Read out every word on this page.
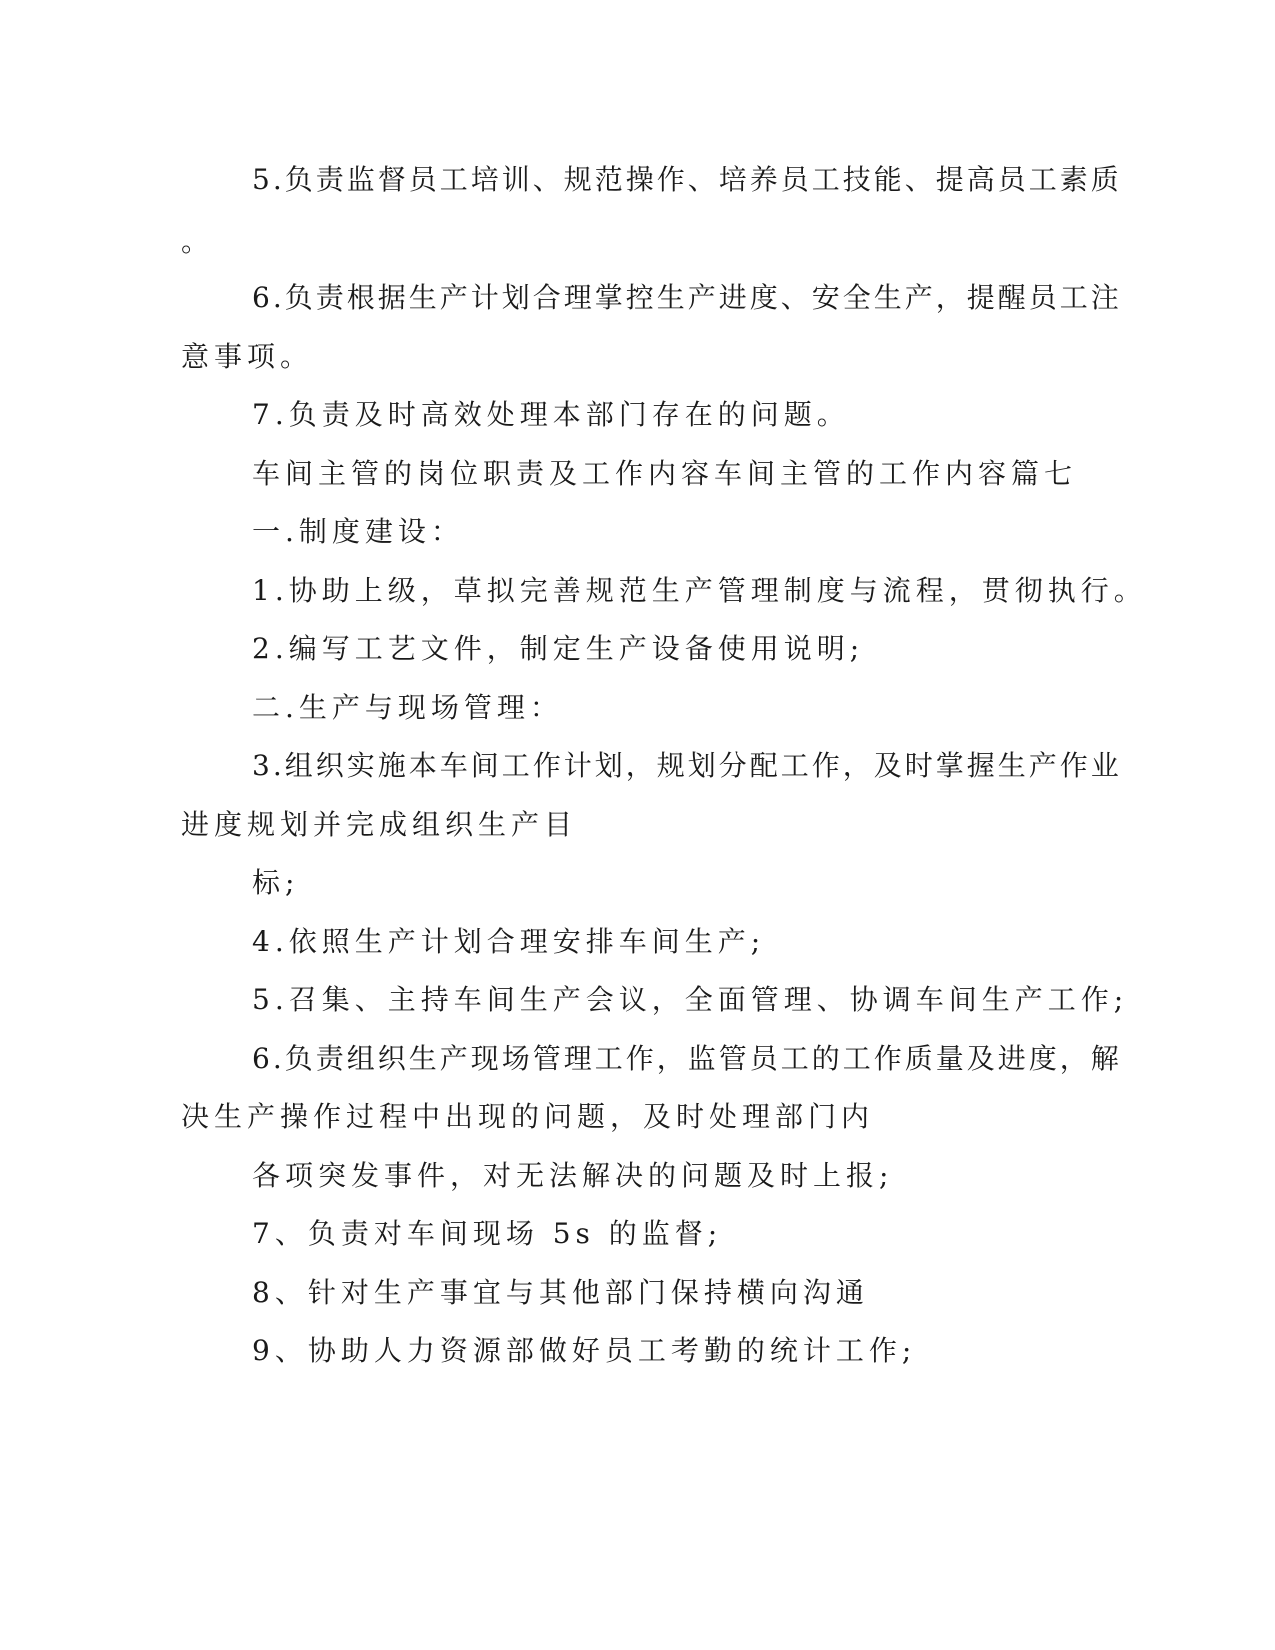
5.负责监督员工培训、规范操作、培养员工技能、提高员工素质
。
6.负责根据生产计划合理掌控生产进度、安全生产，提醒员工注
意事项。
7.负责及时高效处理本部门存在的问题。
车间主管的岗位职责及工作内容车间主管的工作内容篇七
一.制度建设：
1.协助上级，草拟完善规范生产管理制度与流程，贯彻执行。
2.编写工艺文件，制定生产设备使用说明;
二.生产与现场管理：
3.组织实施本车间工作计划，规划分配工作，及时掌握生产作业
进度规划并完成组织生产目
标;
4.依照生产计划合理安排车间生产;
5.召集、主持车间生产会议，全面管理、协调车间生产工作;
6.负责组织生产现场管理工作，监管员工的工作质量及进度，解
决生产操作过程中出现的问题，及时处理部门内
各项突发事件，对无法解决的问题及时上报;
7、负责对车间现场 5s 的监督;
8、针对生产事宜与其他部门保持横向沟通
9、协助人力资源部做好员工考勤的统计工作;
